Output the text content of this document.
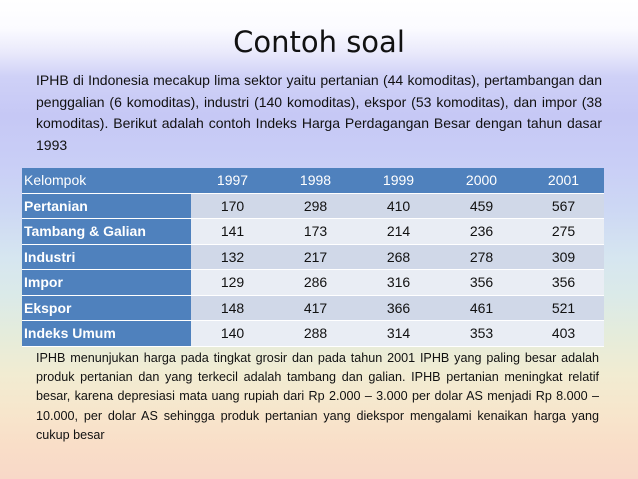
Contoh soal
IPHB di Indonesia mecakup lima sektor yaitu pertanian (44 komoditas), pertambangan dan penggalian (6 komoditas), industri (140 komoditas), ekspor (53 komoditas), dan impor (38 komoditas). Berikut adalah contoh Indeks Harga Perdagangan Besar dengan tahun dasar 1993
Kelompok	1997	1998	1999	2000	2001
Pertanian	170	298	410	459	567
Tambang & Galian	141	173	214	236	275
Industri	132	217	268	278	309
Impor	129	286	316	356	356
Ekspor	148	417	366	461	521
Indeks Umum	140	288	314	353	403
IPHB menunjukan harga pada tingkat grosir dan pada tahun 2001 IPHB yang paling besar adalah produk pertanian dan yang terkecil adalah tambang dan galian. IPHB pertanian meningkat relatif besar, karena depresiasi mata uang rupiah dari Rp 2.000 – 3.000 per dolar AS menjadi Rp 8.000 – 10.000, per dolar AS sehingga produk pertanian yang diekspor mengalami kenaikan harga yang cukup besar
